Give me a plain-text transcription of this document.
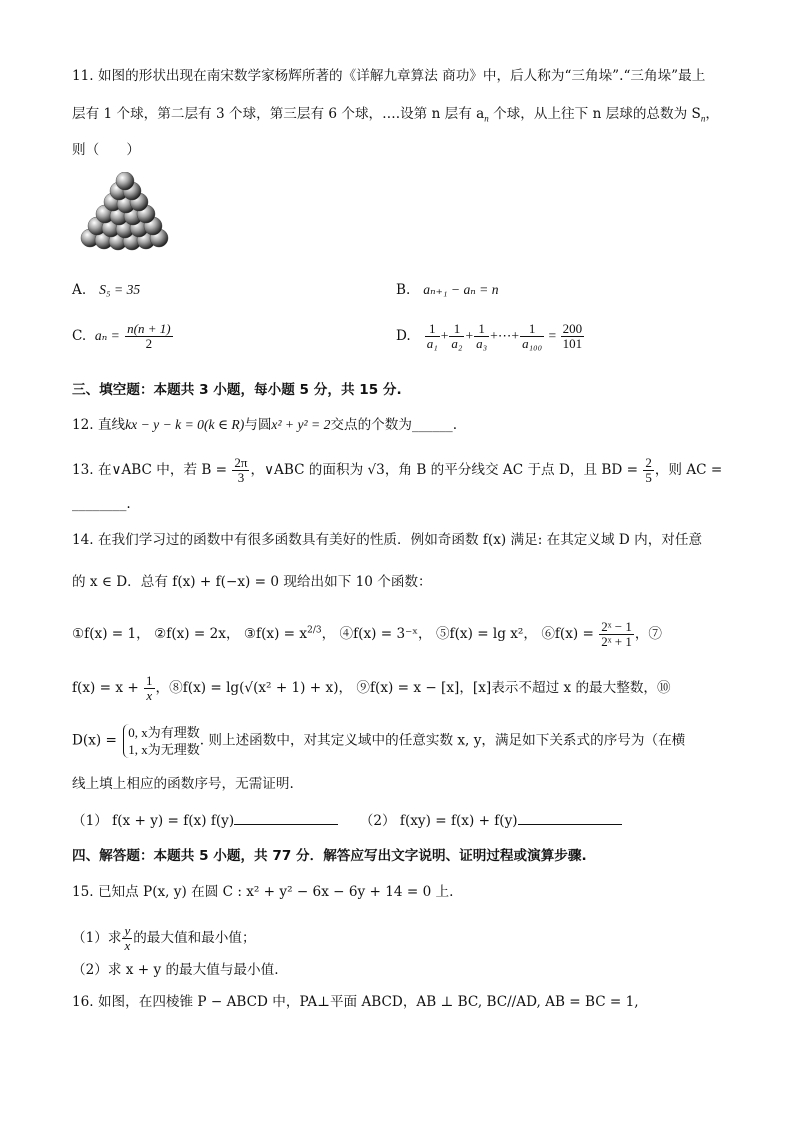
11. 如图的形状出现在南宋数学家杨辉所著的《详解九章算法 商功》中，后人称为“三角垛”.“三角垛”最上
层有 1 个球，第二层有 3 个球，第三层有 6 个球，….设第 n 层有 $a_n$ 个球，从上往下 n 层球的总数为 $S_n$，
则（　　）
A. S₅ = 35	B. aₙ₊₁ − aₙ = n
C. $a_n = \frac{n(n + 1)}{2}$	D. $\frac{1}{\text{a₁}} + \frac{1}{\text{a₂}} + \frac{1}{\text{a₃}}$ +⋯+ $\frac{1}{\text{a₁₀₀}} = \frac{200}{101}$
三、填空题：本题共 3 小题，每小题 5 分，共 15 分.
12. 直线kx − y − k = 0(k ∈ R)与圆x² + y² = 2交点的个数为______.
13. 在∨ABC 中，若 $B = \frac{2\pi}{3}$ ，∨ABC 的面积为 √3，角 B 的平分线交 AC 于点 D，且 BD = $\frac{2}{5}$ ，则 AC =
________.
14. 在我们学习过的函数中有很多函数具有美好的性质．例如奇函数 f(x) 满足: 在其定义域 D 内，对任意
的 x ∈ D．总有 f(x) + f(−x) = 0 现给出如下 10 个函数：
①f(x) = 1， ②f(x) = 2x， ③f(x) = $x^{2/3}$， ④f(x) = 3⁻ˣ， ⑤f(x) = lg x²， ⑥f(x) = $\frac{\text{2ˣ − 1}}{\text{2ˣ + 1}}$ ，⑦
$f(x) = x + \frac{1}{x}$ ，⑧f(x) = lg(√(x² + 1) + x)， ⑨f(x) = x − [x]，[x]表示不超过 x 的最大整数，⑩
D(x) = 0, x为有理数
1, x为无理数
. 则上述函数中，对其定义域中的任意实数 x, y，满足如下关系式的序号为（在横
线上填上相应的函数序号，无需证明.
（1） f(x + y) = f(x) f(y)	（2） f(xy) = f(x) + f(y)
四、解答题：本题共 5 小题，共 77 分．解答应写出文字说明、证明过程或演算步骤.
15. 已知点 P(x, y) 在圆 C : x² + y² − 6x − 6y + 14 = 0 上.
（1）求 $\frac{y}{x}$ 的最大值和最小值；
（2）求 x + y 的最大值与最小值.
16. 如图，在四棱锥 P − ABCD 中，PA⊥平面 ABCD，AB ⊥ BC, BC//AD, AB = BC = 1,
